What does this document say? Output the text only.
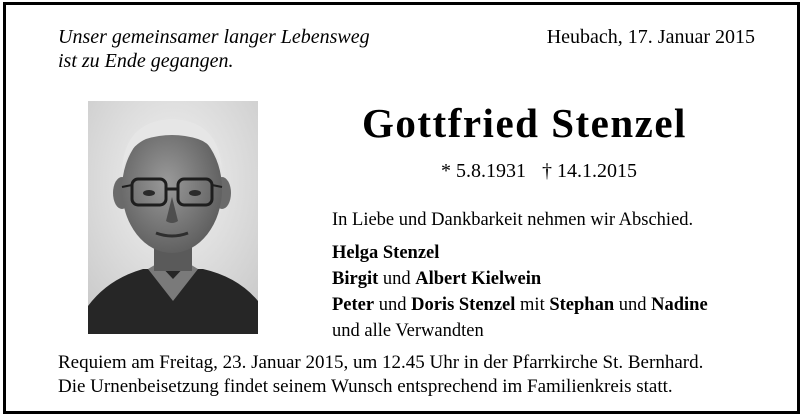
Unser gemeinsamer langer Lebensweg
ist zu Ende gegangen.
Heubach, 17. Januar 2015
Gottfried Stenzel
* 5.8.1931 † 14.1.2015
In Liebe und Dankbarkeit nehmen wir Abschied.
Helga Stenzel
Birgit und Albert Kielwein
Peter und Doris Stenzel mit Stephan und Nadine
und alle Verwandten
Requiem am Freitag, 23. Januar 2015, um 12.45 Uhr in der Pfarrkirche St. Bernhard.
Die Urnenbeisetzung findet seinem Wunsch entsprechend im Familienkreis statt.
